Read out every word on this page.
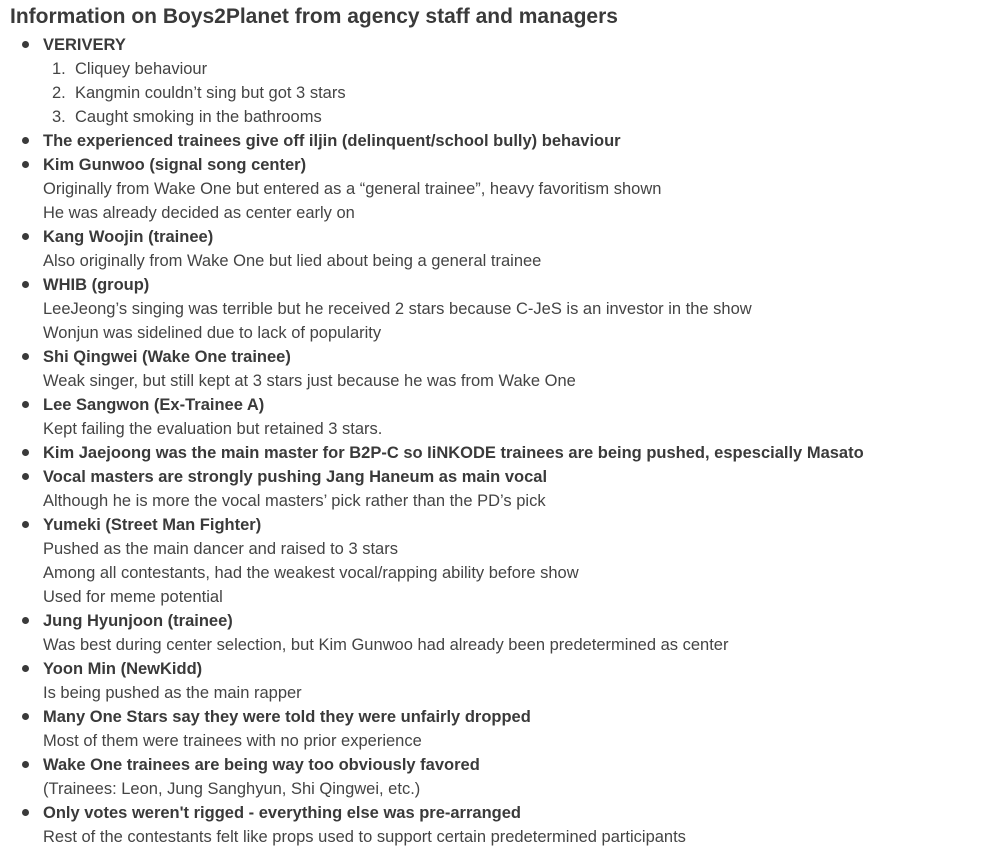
Information on Boys2Planet from agency staff and managers
VERIVERY
1. Cliquey behaviour
2. Kangmin couldn’t sing but got 3 stars
3. Caught smoking in the bathrooms
The experienced trainees give off iljin (delinquent/school bully) behaviour
Kim Gunwoo (signal song center)
Originally from Wake One but entered as a “general trainee”, heavy favoritism shown
He was already decided as center early on
Kang Woojin (trainee)
Also originally from Wake One but lied about being a general trainee
WHIB (group)
LeeJeong’s singing was terrible but he received 2 stars because C-JeS is an investor in the show
Wonjun was sidelined due to lack of popularity
Shi Qingwei (Wake One trainee)
Weak singer, but still kept at 3 stars just because he was from Wake One
Lee Sangwon (Ex-Trainee A)
Kept failing the evaluation but retained 3 stars.
Kim Jaejoong was the main master for B2P-C so IiNKODE trainees are being pushed, espescially Masato
Vocal masters are strongly pushing Jang Haneum as main vocal
Although he is more the vocal masters’ pick rather than the PD’s pick
Yumeki (Street Man Fighter)
Pushed as the main dancer and raised to 3 stars
Among all contestants, had the weakest vocal/rapping ability before show
Used for meme potential
Jung Hyunjoon (trainee)
Was best during center selection, but Kim Gunwoo had already been predetermined as center
Yoon Min (NewKidd)
Is being pushed as the main rapper
Many One Stars say they were told they were unfairly dropped
Most of them were trainees with no prior experience
Wake One trainees are being way too obviously favored
(Trainees: Leon, Jung Sanghyun, Shi Qingwei, etc.)
Only votes weren't rigged - everything else was pre-arranged
Rest of the contestants felt like props used to support certain predetermined participants
